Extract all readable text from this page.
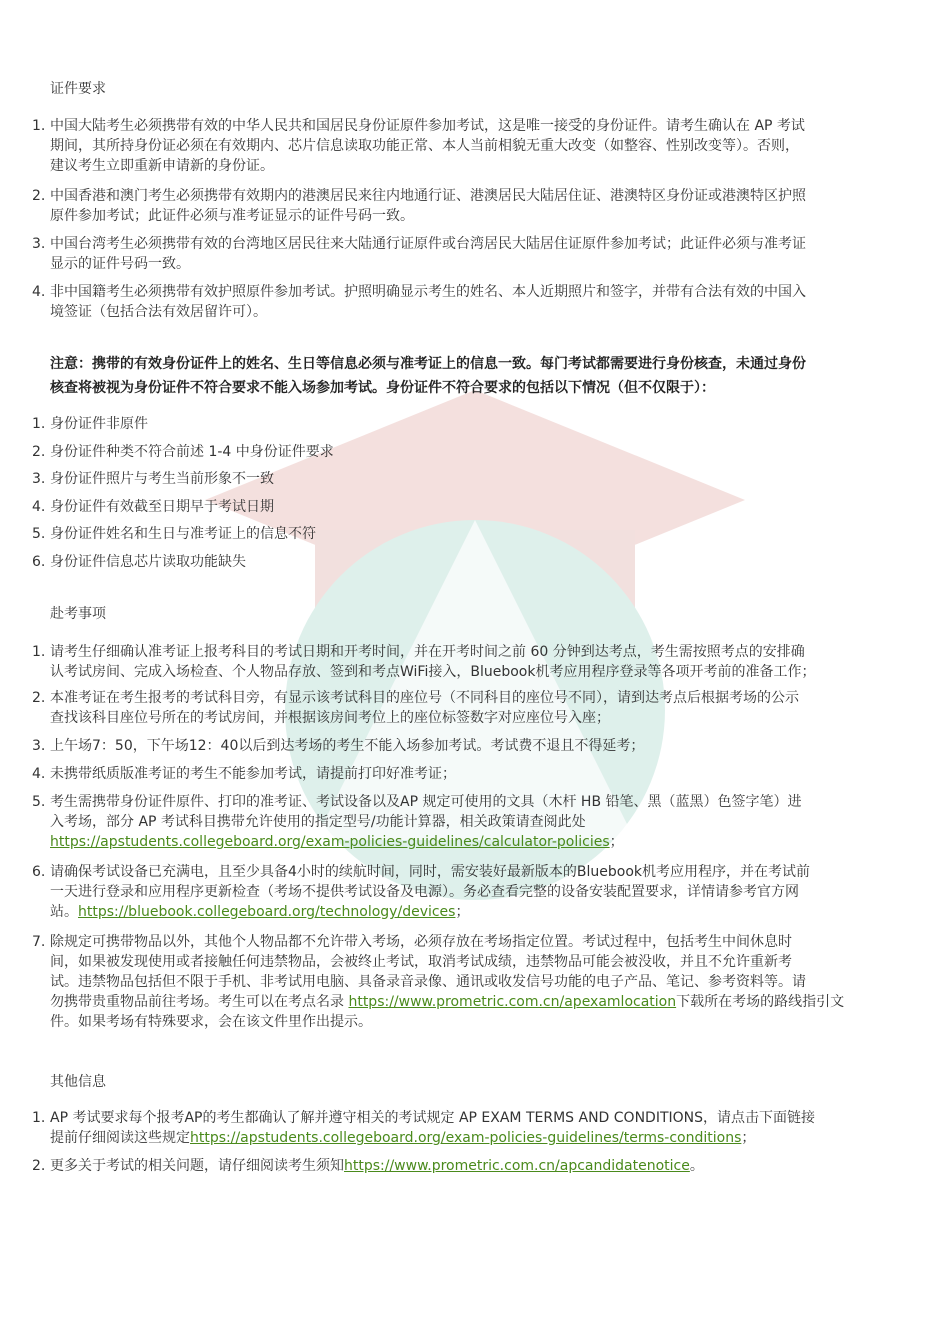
证件要求
1. 中国大陆考生必须携带有效的中华人民共和国居民身份证原件参加考试，这是唯一接受的身份证件。请考生确认在 AP 考试
期间，其所持身份证必须在有效期内、芯片信息读取功能正常、本人当前相貌无重大改变（如整容、性别改变等）。否则，
建议考生立即重新申请新的身份证。
2. 中国香港和澳门考生必须携带有效期内的港澳居民来往内地通行证、港澳居民大陆居住证、港澳特区身份证或港澳特区护照
原件参加考试；此证件必须与准考证显示的证件号码一致。
3. 中国台湾考生必须携带有效的台湾地区居民往来大陆通行证原件或台湾居民大陆居住证原件参加考试；此证件必须与准考证
显示的证件号码一致。
4. 非中国籍考生必须携带有效护照原件参加考试。护照明确显示考生的姓名、本人近期照片和签字，并带有合法有效的中国入
境签证（包括合法有效居留许可）。
注意：携带的有效身份证件上的姓名、生日等信息必须与准考证上的信息一致。每门考试都需要进行身份核查，未通过身份
核查将被视为身份证件不符合要求不能入场参加考试。身份证件不符合要求的包括以下情况（但不仅限于）：
1. 身份证件非原件
2. 身份证件种类不符合前述 1-4 中身份证件要求
3. 身份证件照片与考生当前形象不一致
4. 身份证件有效截至日期早于考试日期
5. 身份证件姓名和生日与准考证上的信息不符
6. 身份证件信息芯片读取功能缺失
赴考事项
1. 请考生仔细确认准考证上报考科目的考试日期和开考时间，并在开考时间之前 60 分钟到达考点，考生需按照考点的安排确
认考试房间、完成入场检查、个人物品存放、签到和考点WiFi接入，Bluebook机考应用程序登录等各项开考前的准备工作；
2. 本准考证在考生报考的考试科目旁，有显示该考试科目的座位号（不同科目的座位号不同），请到达考点后根据考场的公示
查找该科目座位号所在的考试房间，并根据该房间考位上的座位标签数字对应座位号入座；
3. 上午场7：50，下午场12：40以后到达考场的考生不能入场参加考试。考试费不退且不得延考；
4. 未携带纸质版准考证的考生不能参加考试，请提前打印好准考证；
5. 考生需携带身份证件原件、打印的准考证、考试设备以及AP 规定可使用的文具（木杆 HB 铅笔、黑（蓝黑）色签字笔）进
入考场，部分 AP 考试科目携带允许使用的指定型号/功能计算器，相关政策请查阅此处
https://apstudents.collegeboard.org/exam-policies-guidelines/calculator-policies；
6. 请确保考试设备已充满电，且至少具备4小时的续航时间，同时，需安装好最新版本的Bluebook机考应用程序，并在考试前
一天进行登录和应用程序更新检查（考场不提供考试设备及电源）。务必查看完整的设备安装配置要求，详情请参考官方网
站。https://bluebook.collegeboard.org/technology/devices；
7. 除规定可携带物品以外，其他个人物品都不允许带入考场，必须存放在考场指定位置。考试过程中，包括考生中间休息时
间，如果被发现使用或者接触任何违禁物品，会被终止考试，取消考试成绩，违禁物品可能会被没收，并且不允许重新考
试。违禁物品包括但不限于手机、非考试用电脑、具备录音录像、通讯或收发信号功能的电子产品、笔记、参考资料等。请
勿携带贵重物品前往考场。考生可以在考点名录 https://www.prometric.com.cn/apexamlocation下载所在考场的路线指引文
件。如果考场有特殊要求，会在该文件里作出提示。
其他信息
1. AP 考试要求每个报考AP的考生都确认了解并遵守相关的考试规定 AP EXAM TERMS AND CONDITIONS，请点击下面链接
提前仔细阅读这些规定https://apstudents.collegeboard.org/exam-policies-guidelines/terms-conditions；
2. 更多关于考试的相关问题，请仔细阅读考生须知https://www.prometric.com.cn/apcandidatenotice。
